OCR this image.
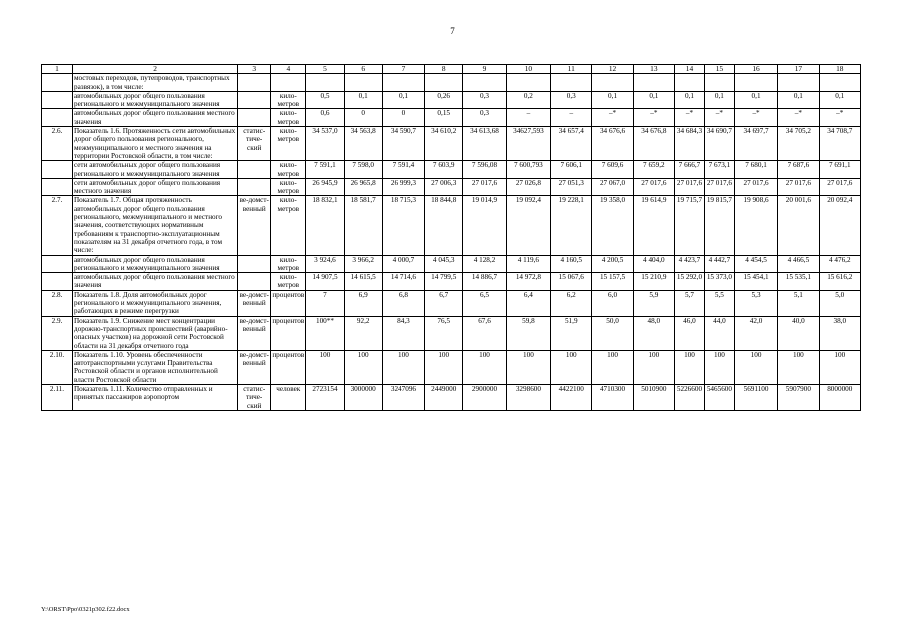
7
1	2	3	4	5	6	7	8	9	10	11	12	13	14	15	16	17	18
	мостовых переходов, путепроводов, транспортных развязок), в том числе:																
	автомобильных дорог общего пользования регионального и межмуниципального значения		кило-метров	0,5	0,1	0,1	0,26	0,3	0,2	0,3	0,1	0,1	0,1	0,1	0,1	0,1	0,1
	автомобильных дорог общего пользования местного значения		кило-метров	0,6	0	0	0,15	0,3	–	–	–*	–*	–*	–*	–*	–*	–*
2.6.	Показатель 1.6. Протяженность сети автомобильных дорог общего пользования регионального, межмуниципального и местного значения на территории Ростовской области, в том числе:	статис-тиче-ский	кило-метров	34 537,0	34 563,8	34 590,7	34 610,2	34 613,68	34627,593	34 657,4	34 676,6	34 676,8	34 684,3	34 690,7	34 697,7	34 705,2	34 708,7
	сети автомобильных дорог общего пользования регионального и межмуниципального значения		кило-метров	7 591,1	7 598,0	7 591,4	7 603,9	7 596,08	7 600,793	7 606,1	7 609,6	7 659,2	7 666,7	7 673,1	7 680,1	7 687,6	7 691,1
	сети автомобильных дорог общего пользования местного значения		кило-метров	26 945,9	26 965,8	26 999,3	27 006,3	27 017,6	27 026,8	27 051,3	27 067,0	27 017,6	27 017,6	27 017,6	27 017,6	27 017,6	27 017,6
2.7.	Показатель 1.7. Общая протяженность автомобильных дорог общего пользования регионального, межмуниципального и местного значения, соответствующих нормативным требованиям к транспортно-эксплуатационным показателям на 31 декабря отчетного года, в том числе:	ве-домст-венный	кило-метров	18 832,1	18 581,7	18 715,3	18 844,8	19 014,9	19 092,4	19 228,1	19 358,0	19 614,9	19 715,7	19 815,7	19 908,6	20 001,6	20 092,4
	автомобильных дорог общего пользования регионального и межмуниципального значения		кило-метров	3 924,6	3 966,2	4 000,7	4 045,3	4 128,2	4 119,6	4 160,5	4 200,5	4 404,0	4 423,7	4 442,7	4 454,5	4 466,5	4 476,2
	автомобильных дорог общего пользования местного значения		кило-метров	14 907,5	14 615,5	14 714,6	14 799,5	14 886,7	14 972,8	15 067,6	15 157,5	15 210,9	15 292,0	15 373,0	15 454,1	15 535,1	15 616,2
2.8.	Показатель 1.8. Доля автомобильных дорог регионального и межмуниципального значения, работающих в режиме перегрузки	ве-домст-венный	процентов	7	6,9	6,8	6,7	6,5	6,4	6,2	6,0	5,9	5,7	5,5	5,3	5,1	5,0
2.9.	Показатель 1.9. Снижение мест концентрации дорожно-транспортных происшествий (аварийно-опасных участков) на дорожной сети Ростовской области на 31 декабря отчетного года	ве-домст-венный	процентов	100**	92,2	84,3	76,5	67,6	59,8	51,9	50,0	48,0	46,0	44,0	42,0	40,0	38,0
2.10.	Показатель 1.10. Уровень обеспеченности автотранспортными услугами Правительства Ростовской области и органов исполнительной власти Ростовской области	ве-домст-венный	процентов	100	100	100	100	100	100	100	100	100	100	100	100	100	100
2.11.	Показатель 1.11. Количество отправленных и принятых пассажиров аэропортом	статис-тиче-ский	человек	2723154	3000000	3247096	2449000	2900000	3298600	4422100	4710300	5010900	5226600	5465600	5691100	5907900	8000000
Y:\ORST\Ppo\0321p302.f22.docx
